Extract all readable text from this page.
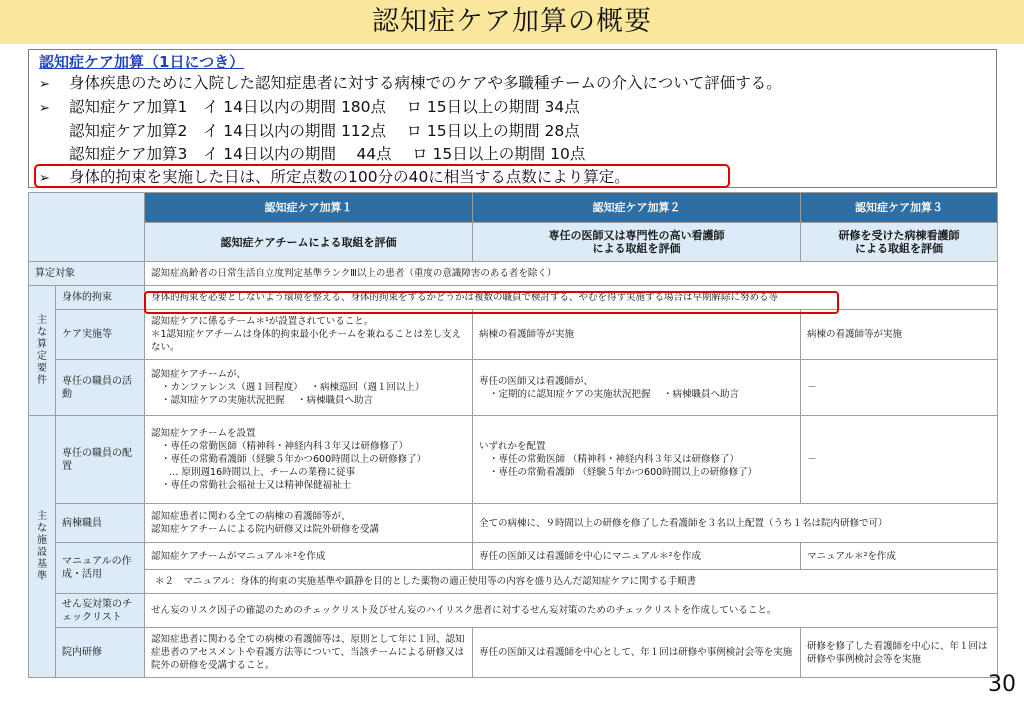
認知症ケア加算の概要
認知症ケア加算（1日につき）
➢ 身体疾患のために入院した認知症患者に対する病棟でのケアや多職種チームの介入について評価する。
➢ 認知症ケア加算1　イ 14日以内の期間 180点　 ロ 15日以上の期間 34点
認知症ケア加算2　イ 14日以内の期間 112点　 ロ 15日以上の期間 28点
認知症ケア加算3　イ 14日以内の期間　 44点　 ロ 15日以上の期間 10点
➢ 身体的拘束を実施した日は、所定点数の100分の40に相当する点数により算定。
		認知症ケア加算１	認知症ケア加算２	認知症ケア加算３
		認知症ケアチームによる取組を評価	専任の医師又は専門性の高い看護師
による取組を評価	研修を受けた病棟看護師
による取組を評価
算定対象		認知症高齢者の日常生活自立度判定基準ランクⅢ以上の患者（重度の意識障害のある者を除く）		

主な算定要件	身体的拘束	身体的拘束を必要としないよう環境を整える、身体的拘束をするかどうかは複数の職員で検討する、やむを得ず実施する場合は早期解除に努める等		
	ケア実施等	認知症ケアに係るチーム＊¹が設置されていること。
＊1認知症ケアチームは身体的拘束最小化チームを兼ねることは差し支えない。	病棟の看護師等が実施	病棟の看護師等が実施
	専任の職員の活動	認知症ケアチームが、
・カンファレンス（週１回程度）　 ・病棟巡回（週１回以上）
・認知症ケアの実施状況把握　 ・病棟職員へ助言	専任の医師又は看護師が、
・定期的に認知症ケアの実施状況把握　 ・病棟職員へ助言	－

主な施設基準	専任の職員の配置	認知症ケアチームを設置
・専任の常勤医師（精神科・神経内科３年又は研修修了）
・専任の常勤看護師（経験５年かつ600時間以上の研修修了）
… 原則週16時間以上、チームの業務に従事
・専任の常勤社会福祉士又は精神保健福祉士	いずれかを配置
・専任の常勤医師 （精神科・神経内科３年又は研修修了）
・専任の常勤看護師 （経験５年かつ600時間以上の研修修了）	－
	病棟職員	認知症患者に関わる全ての病棟の看護師等が、
認知症ケアチームによる院内研修又は院外研修を受講	全ての病棟に、９時間以上の研修を修了した看護師を３名以上配置（うち１名は院内研修で可）	
	マニュアルの作成・活用	認知症ケアチームがマニュアル＊²を作成	専任の医師又は看護師を中心にマニュアル＊²を作成	マニュアル＊²を作成
		＊２　マニュアル：身体的拘束の実施基準や鎮静を目的とした薬物の適正使用等の内容を盛り込んだ認知症ケアに関する手順書		
	せん妄対策のチェックリスト	せん妄のリスク因子の確認のためのチェックリスト及びせん妄のハイリスク患者に対するせん妄対策のためのチェックリストを作成していること。		
	院内研修	認知症患者に関わる全ての病棟の看護師等は、原則として年に１回、認知症患者のアセスメントや看護方法等について、当該チームによる研修又は院外の研修を受講すること。	専任の医師又は看護師を中心として、年１回は研修や事例検討会等を実施	研修を修了した看護師を中心に、年１回は研修や事例検討会等を実施
30
